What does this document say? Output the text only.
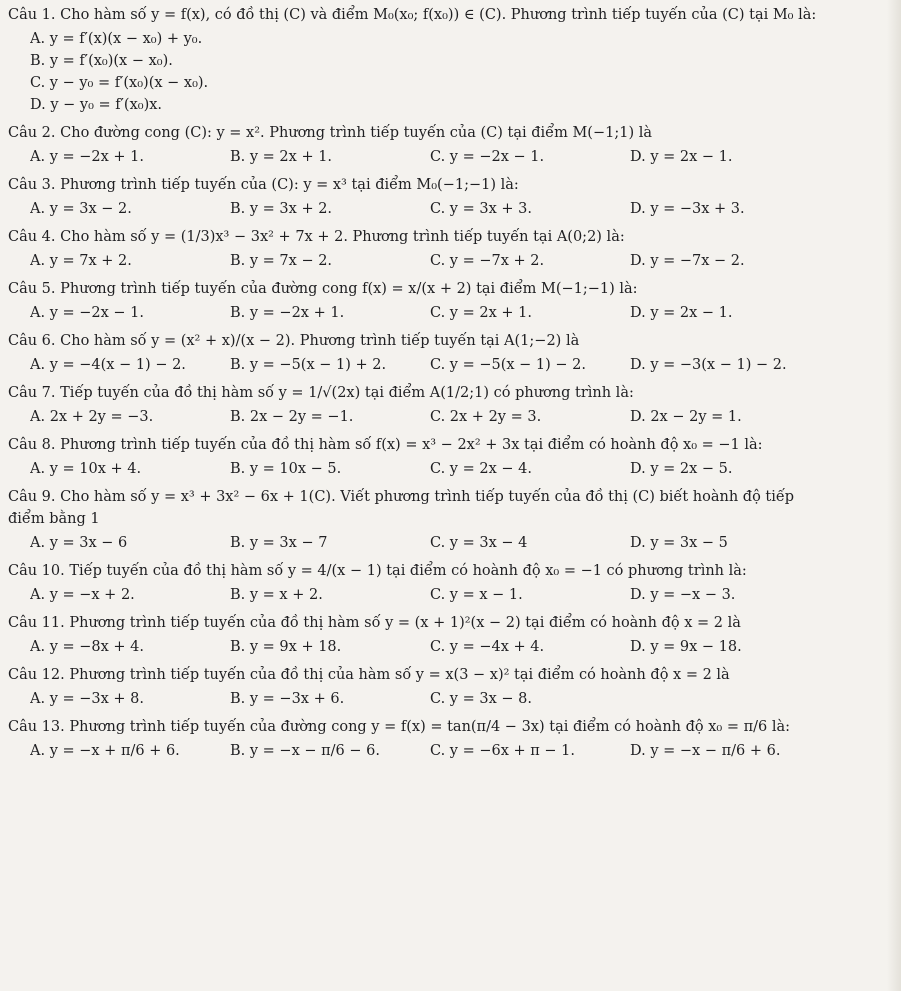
Câu 1. Cho hàm số y = f(x), có đồ thị (C) và điểm M₀(x₀; f(x₀)) ∈ (C). Phương trình tiếp tuyến của (C) tại M₀ là:

A. y = f′(x)(x − x₀) + y₀.
B. y = f′(x₀)(x − x₀).
C. y − y₀ = f′(x₀)(x − x₀).
D. y − y₀ = f′(x₀)x.

Câu 2. Cho đường cong (C): y = x². Phương trình tiếp tuyến của (C) tại điểm M(−1;1) là

A. y = −2x + 1.	B. y = 2x + 1.	C. y = −2x − 1.	D. y = 2x − 1.

Câu 3. Phương trình tiếp tuyến của (C): y = x³ tại điểm M₀(−1;−1) là:

A. y = 3x − 2.	B. y = 3x + 2.	C. y = 3x + 3.	D. y = −3x + 3.

Câu 4. Cho hàm số y = (1/3)x³ − 3x² + 7x + 2. Phương trình tiếp tuyến tại A(0;2) là:

A. y = 7x + 2.	B. y = 7x − 2.	C. y = −7x + 2.	D. y = −7x − 2.

Câu 5. Phương trình tiếp tuyến của đường cong f(x) = x/(x + 2) tại điểm M(−1;−1) là:

A. y = −2x − 1.	B. y = −2x + 1.	C. y = 2x + 1.	D. y = 2x − 1.

Câu 6. Cho hàm số y = (x² + x)/(x − 2). Phương trình tiếp tuyến tại A(1;−2) là

A. y = −4(x − 1) − 2.	B. y = −5(x − 1) + 2.	C. y = −5(x − 1) − 2.	D. y = −3(x − 1) − 2.

Câu 7. Tiếp tuyến của đồ thị hàm số y = 1/√(2x) tại điểm A(1/2;1) có phương trình là:

A. 2x + 2y = −3.	B. 2x − 2y = −1.	C. 2x + 2y = 3.	D. 2x − 2y = 1.

Câu 8. Phương trình tiếp tuyến của đồ thị hàm số f(x) = x³ − 2x² + 3x tại điểm có hoành độ x₀ = −1 là:

A. y = 10x + 4.	B. y = 10x − 5.	C. y = 2x − 4.	D. y = 2x − 5.

Câu 9. Cho hàm số y = x³ + 3x² − 6x + 1(C). Viết phương trình tiếp tuyến của đồ thị (C) biết hoành độ tiếp

điểm bằng 1

A. y = 3x − 6	B. y = 3x − 7	C. y = 3x − 4	D. y = 3x − 5

Câu 10. Tiếp tuyến của đồ thị hàm số y = 4/(x − 1) tại điểm có hoành độ x₀ = −1 có phương trình là:

A. y = −x + 2.	B. y = x + 2.	C. y = x − 1.	D. y = −x − 3.

Câu 11. Phương trình tiếp tuyến của đồ thị hàm số y = (x + 1)²(x − 2) tại điểm có hoành độ x = 2 là

A. y = −8x + 4.	B. y = 9x + 18.	C. y = −4x + 4.	D. y = 9x − 18.

Câu 12. Phương trình tiếp tuyến của đồ thị của hàm số y = x(3 − x)² tại điểm có hoành độ x = 2 là

A. y = −3x + 8.	B. y = −3x + 6.	C. y = 3x − 8.

Câu 13. Phương trình tiếp tuyến của đường cong y = f(x) = tan(π/4 − 3x) tại điểm có hoành độ x₀ = π/6 là:

A. y = −x + π/6 + 6.	B. y = −x − π/6 − 6.	C. y = −6x + π − 1.	D. y = −x − π/6 + 6.
